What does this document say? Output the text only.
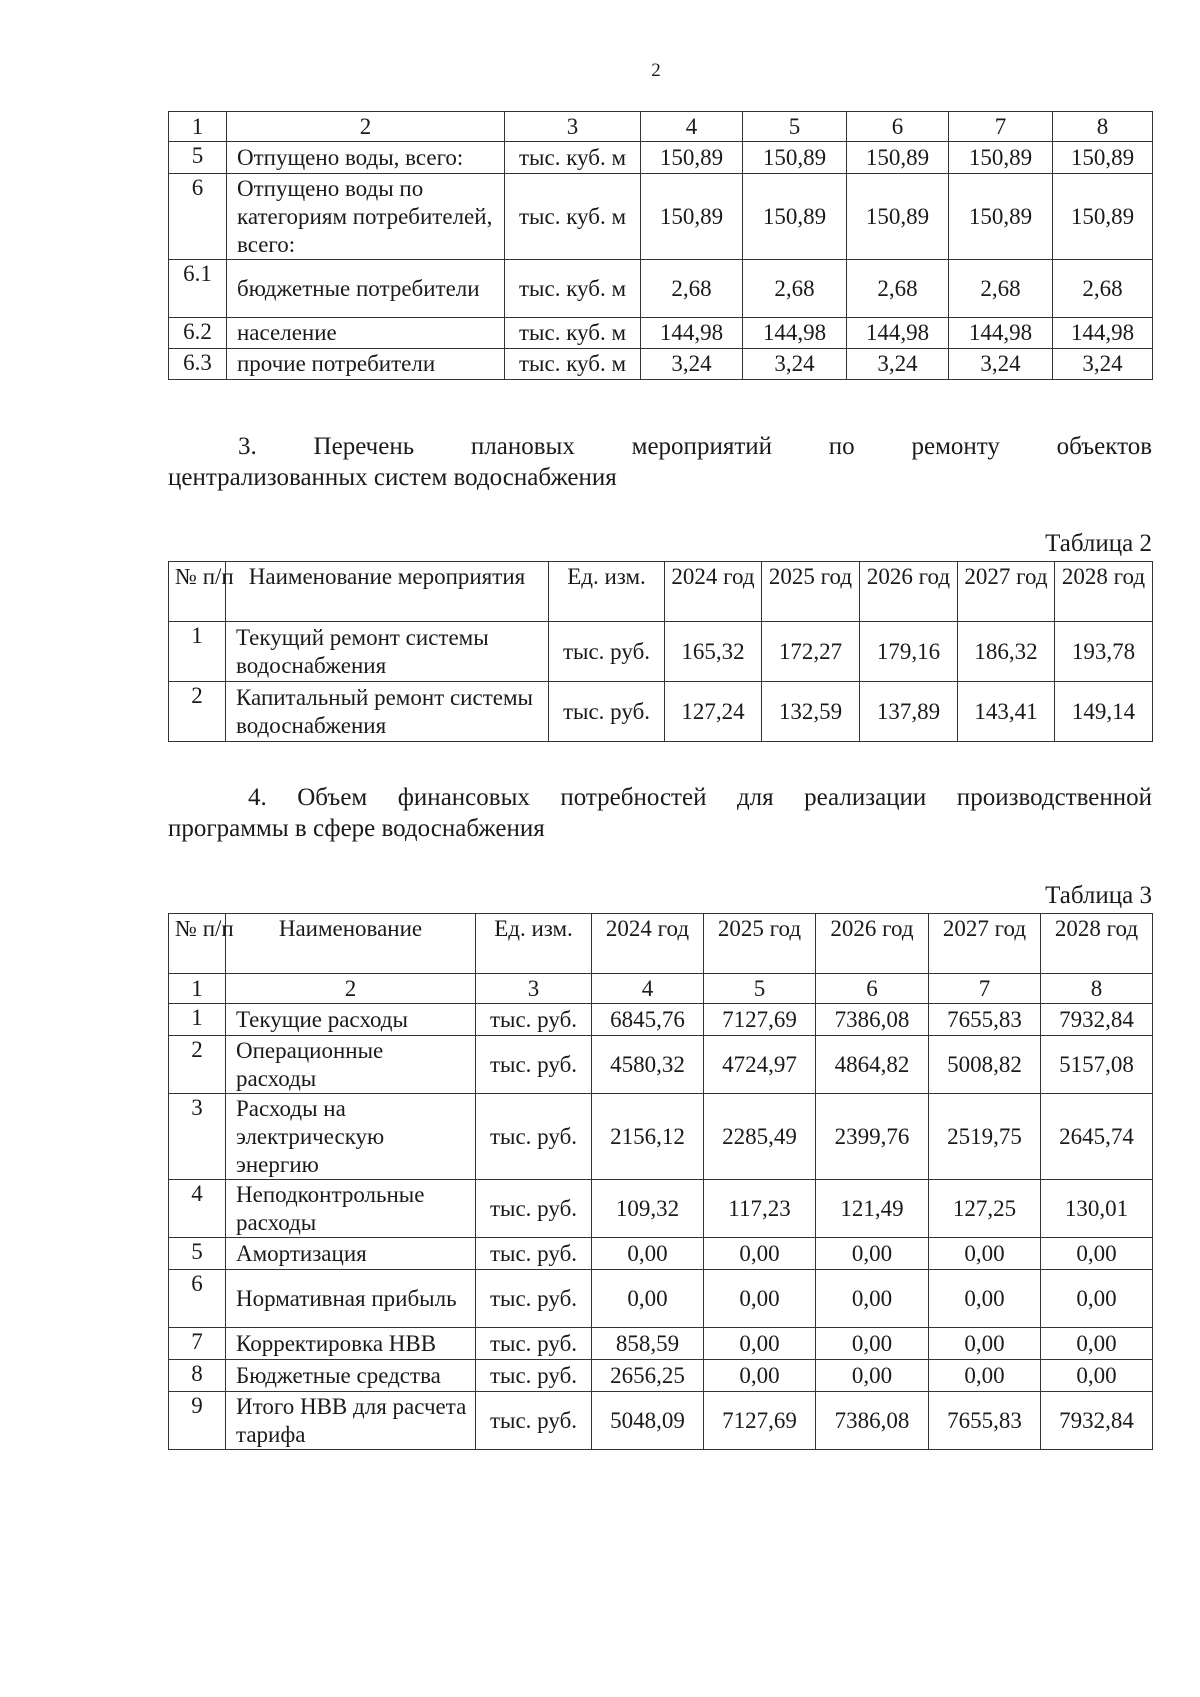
2
1	2	3	4	5	6	7	8
5	Отпущено воды, всего:	тыс. куб. м	150,89	150,89	150,89	150,89	150,89
6	Отпущено воды по категориям потребителей, всего:	тыс. куб. м	150,89	150,89	150,89	150,89	150,89
6.1	бюджетные потребители	тыс. куб. м	2,68	2,68	2,68	2,68	2,68
6.2	население	тыс. куб. м	144,98	144,98	144,98	144,98	144,98
6.3	прочие потребители	тыс. куб. м	3,24	3,24	3,24	3,24	3,24
3. Перечень плановых мероприятий по ремонту объектов
централизованных систем водоснабжения
Таблица 2
№ п/п	Наименование мероприятия	Ед. изм.	2024 год	2025 год	2026 год	2027 год	2028 год
1	Текущий ремонт системы водоснабжения	тыс. руб.	165,32	172,27	179,16	186,32	193,78
2	Капитальный ремонт системы водоснабжения	тыс. руб.	127,24	132,59	137,89	143,41	149,14
4. Объем финансовых потребностей для реализации производственной
программы в сфере водоснабжения
Таблица 3
№ п/п	Наименование	Ед. изм.	2024 год	2025 год	2026 год	2027 год	2028 год
1	2	3	4	5	6	7	8
1	Текущие расходы	тыс. руб.	6845,76	7127,69	7386,08	7655,83	7932,84
2	Операционные расходы	тыс. руб.	4580,32	4724,97	4864,82	5008,82	5157,08
3	Расходы на электрическую энергию	тыс. руб.	2156,12	2285,49	2399,76	2519,75	2645,74
4	Неподконтрольные расходы	тыс. руб.	109,32	117,23	121,49	127,25	130,01
5	Амортизация	тыс. руб.	0,00	0,00	0,00	0,00	0,00
6	Нормативная прибыль	тыс. руб.	0,00	0,00	0,00	0,00	0,00
7	Корректировка НВВ	тыс. руб.	858,59	0,00	0,00	0,00	0,00
8	Бюджетные средства	тыс. руб.	2656,25	0,00	0,00	0,00	0,00
9	Итого НВВ для расчета тарифа	тыс. руб.	5048,09	7127,69	7386,08	7655,83	7932,84
